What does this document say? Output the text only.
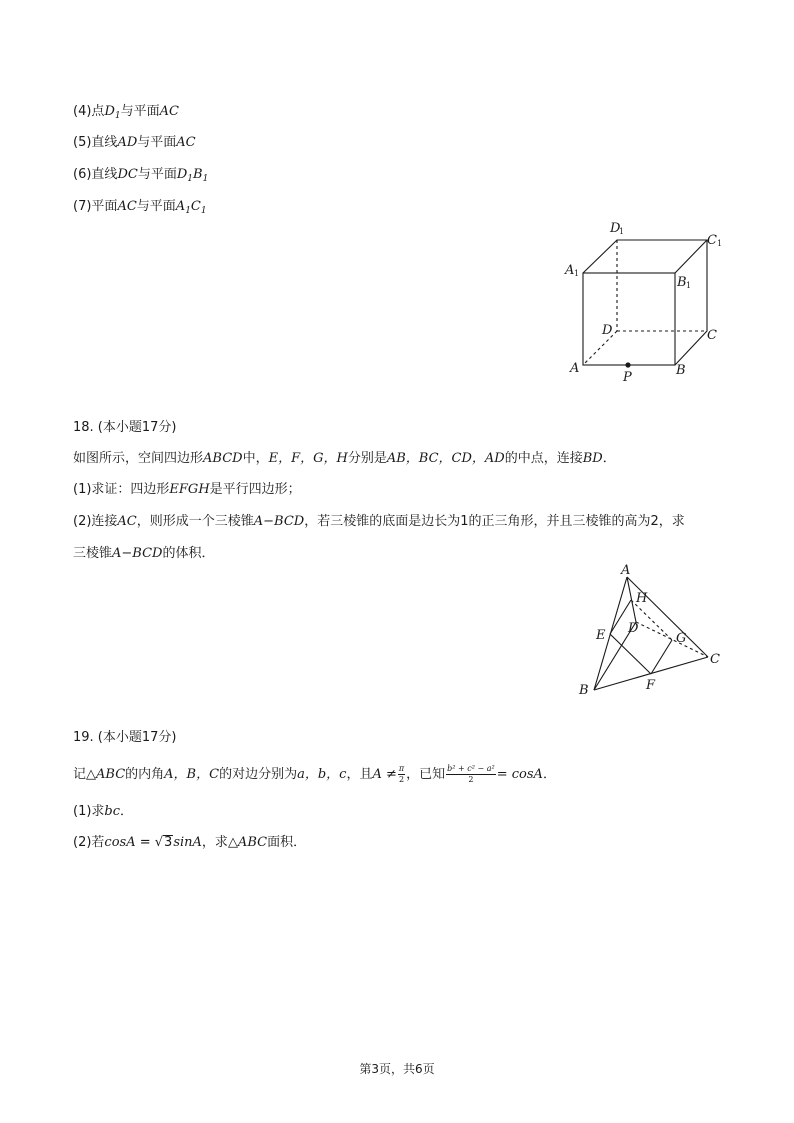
(4)点$D_1$与平面AC
(5)直线AD与平面AC
(6)直线DC与平面$D_1B_1$
(7)平面AC与平面$A_1C_1$
D
1
C 1
A 1
B 1
D	C
A	B
P
18. (本小题17分)
如图所示，空间四边形ABCD中，E，F，G，H分别是AB，BC，CD，AD的中点，连接BD．
(1)求证：四边形EFGH是平行四边形；
(2)连接AC，则形成一个三棱锥A−BCD，若三棱锥的底面是边长为1的正三角形，并且三棱锥的高为2，求
三棱锥A−BCD的体积．
A
H
D
E	G
C
F
B
19. (本小题17分)
记△ABC的内角A，B，C的对边分别为a，b，c，且$A \ne \frac{\pi}{2}$ ，已知 $\frac{\text{b² + c² − a²}}{2} = \cos A$．
(1)求bc．
(2)若cosA = √3sinA，求△ABC面积．
第3页，共6页
